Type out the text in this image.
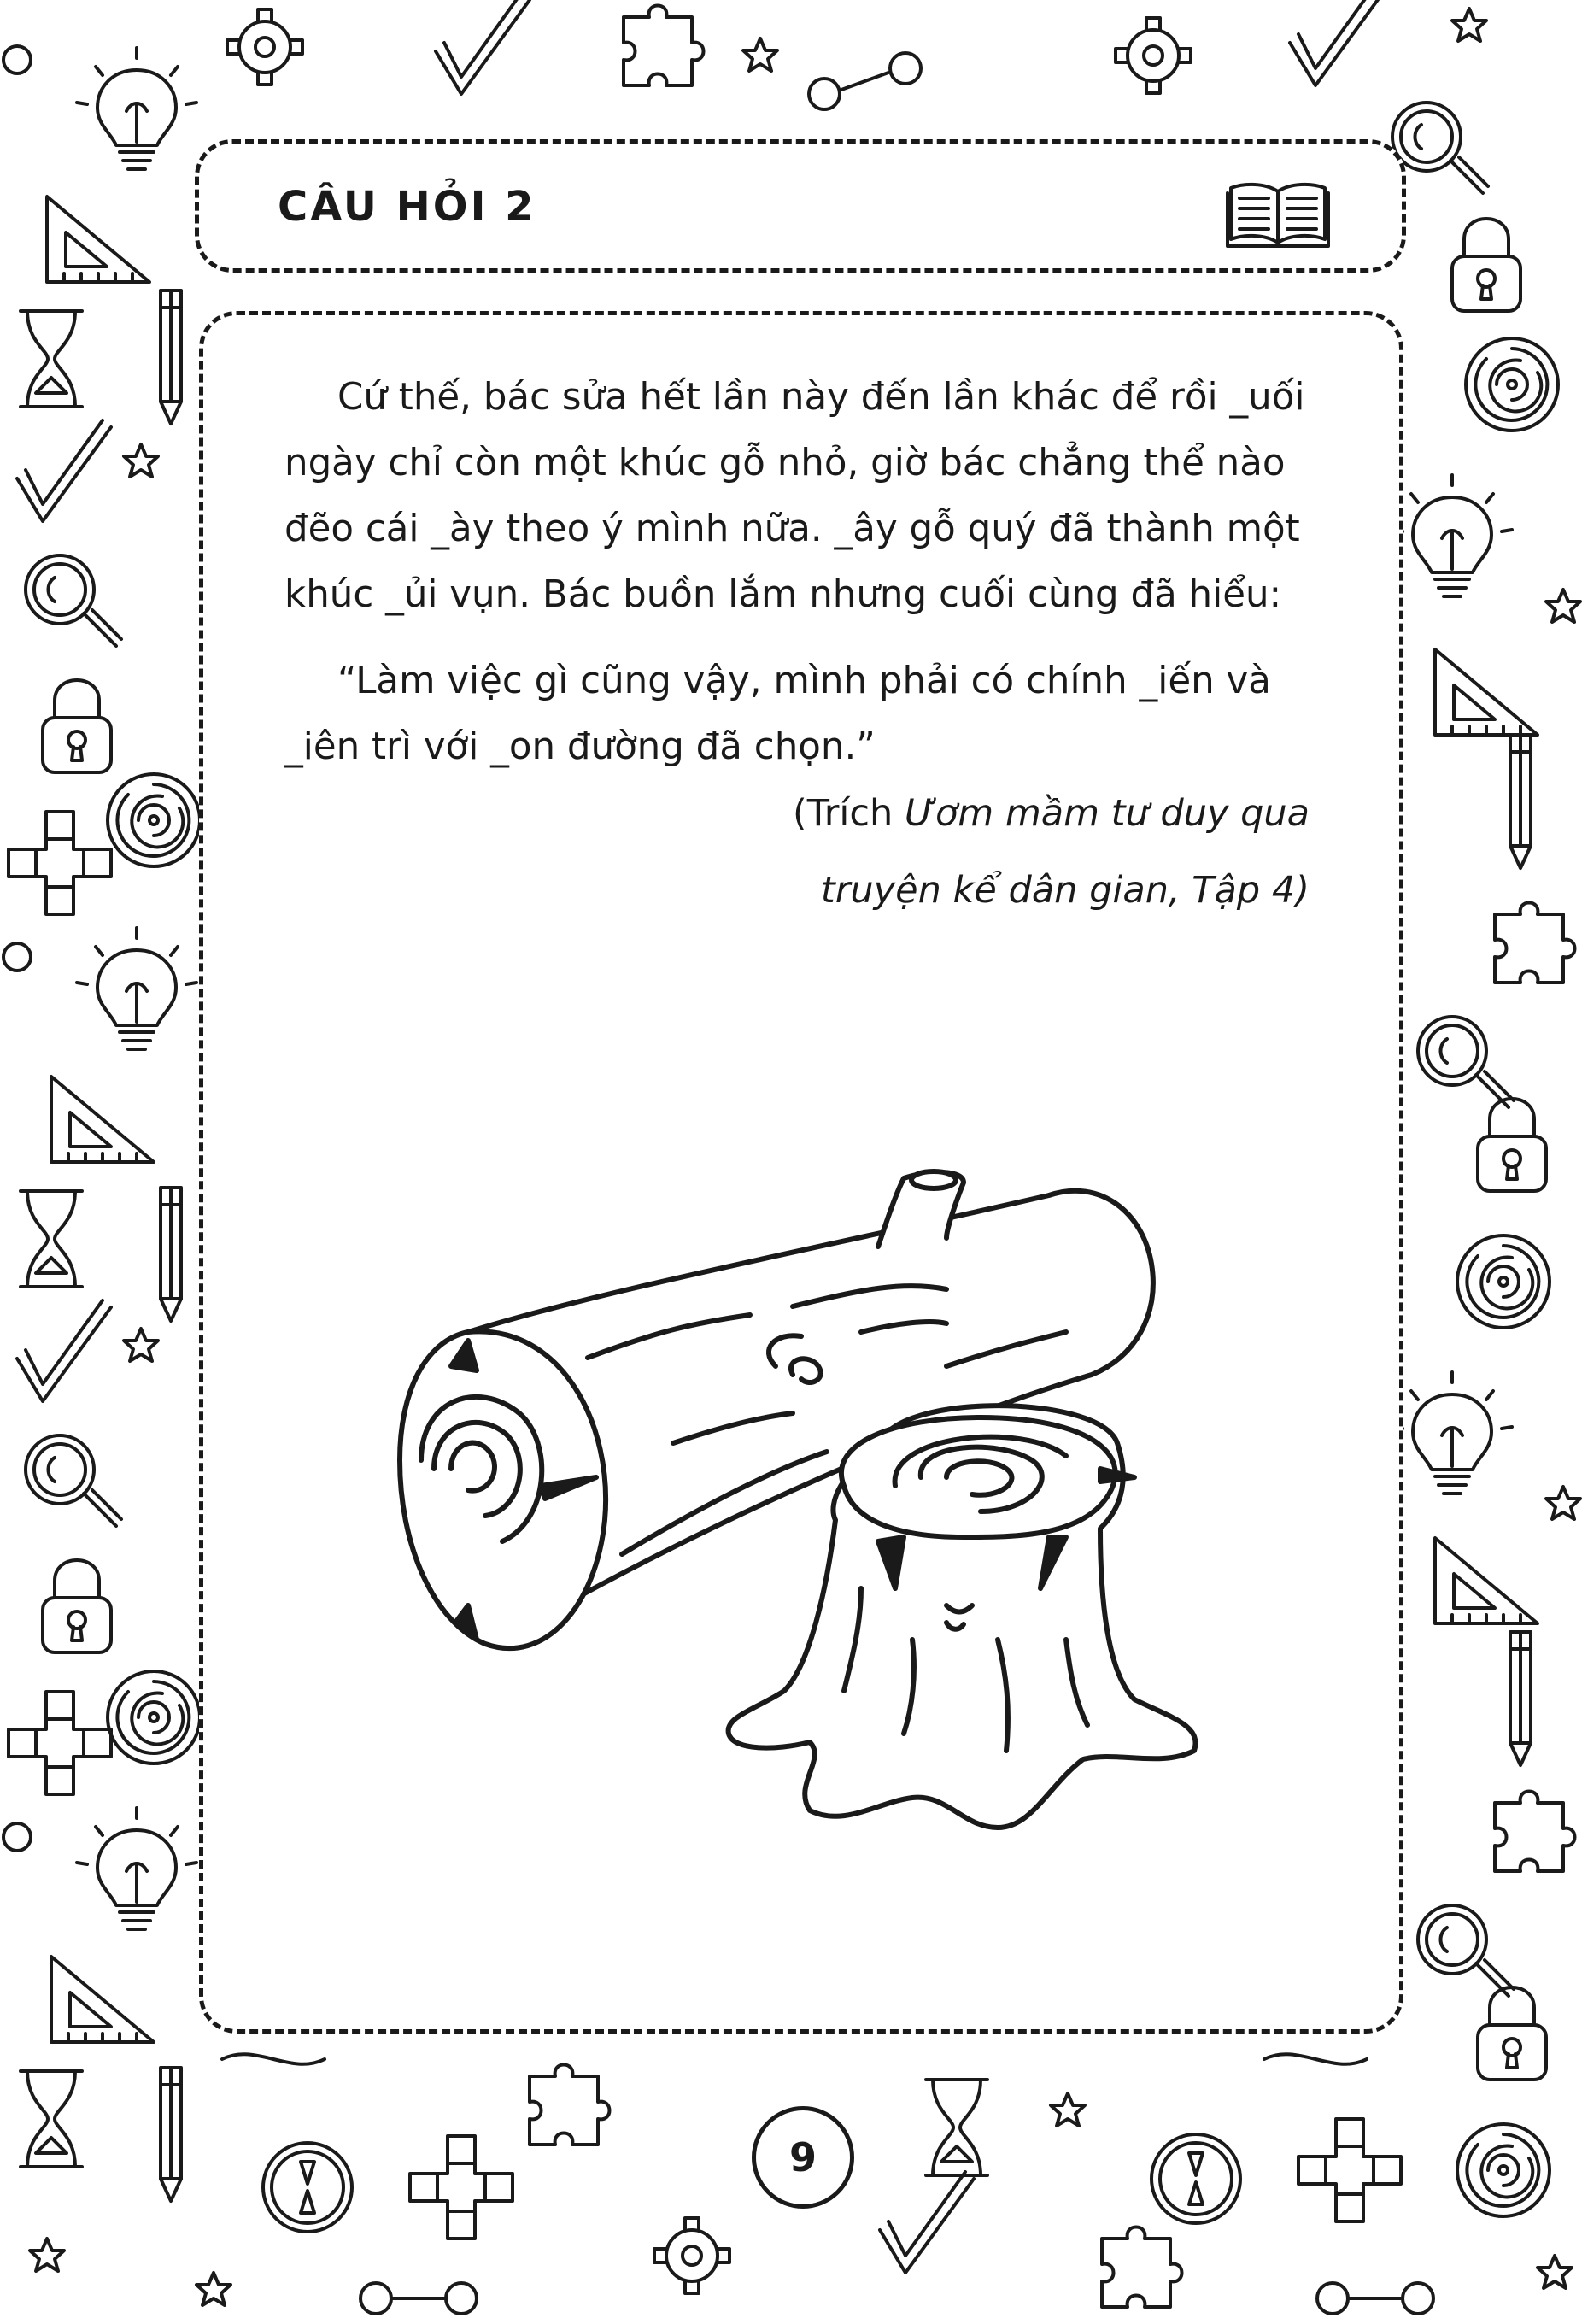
CÂU HỎI 2

Cứ thế, bác sửa hết lần này đến lần khác để rồi _uối ngày chỉ còn một khúc gỗ nhỏ, giờ bác chẳng thể nào đẽo cái _ày theo ý mình nữa. _ây gỗ quý đã thành một khúc _ủi vụn. Bác buồn lắm nhưng cuối cùng đã hiểu:

“Làm việc gì cũng vậy, mình phải có chính _iến và _iên trì với _on đường đã chọn.”

(Trích Ươm mầm tư duy qua

truyện kể dân gian, Tập 4)

9
